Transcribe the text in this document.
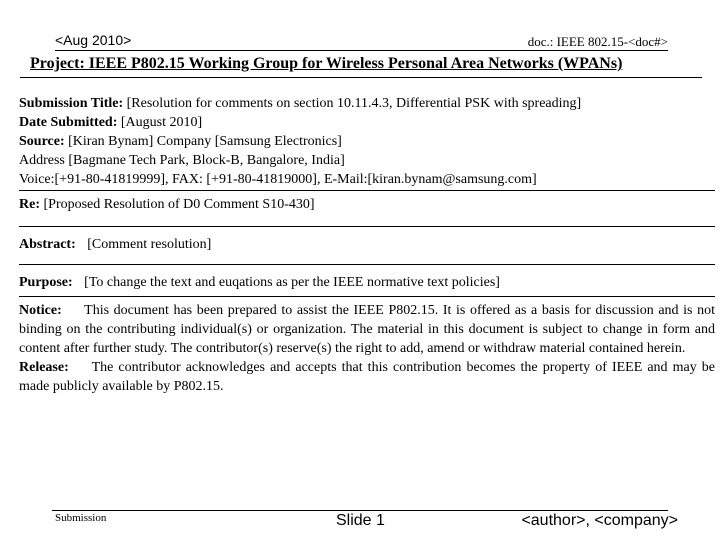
<Aug 2010>	doc.: IEEE 802.15-<doc#>
Project: IEEE P802.15 Working Group for Wireless Personal Area Networks (WPANs)

Submission Title: [Resolution for comments on section 10.11.4.3, Differential PSK with spreading]

Date Submitted: [August 2010]

Source: [Kiran Bynam] Company [Samsung Electronics]

Address [Bagmane Tech Park, Block-B, Bangalore, India]

Voice:[+91-80-41819999], FAX: [+91-80-41819000], E-Mail:[kiran.bynam@samsung.com]

Re: [Proposed Resolution of D0 Comment S10-430]

Abstract: [Comment resolution]

Purpose: [To change the text and euqations as per the IEEE normative text policies]

Notice: This document has been prepared to assist the IEEE P802.15. It is offered as a basis for discussion and is not binding on the contributing individual(s) or organization. The material in this document is subject to change in form and content after further study. The contributor(s) reserve(s) the right to add, amend or withdraw material contained herein.

Release: The contributor acknowledges and accepts that this contribution becomes the property of IEEE and may be made publicly available by P802.15.

Submission	Slide 1	<author>, <company>
